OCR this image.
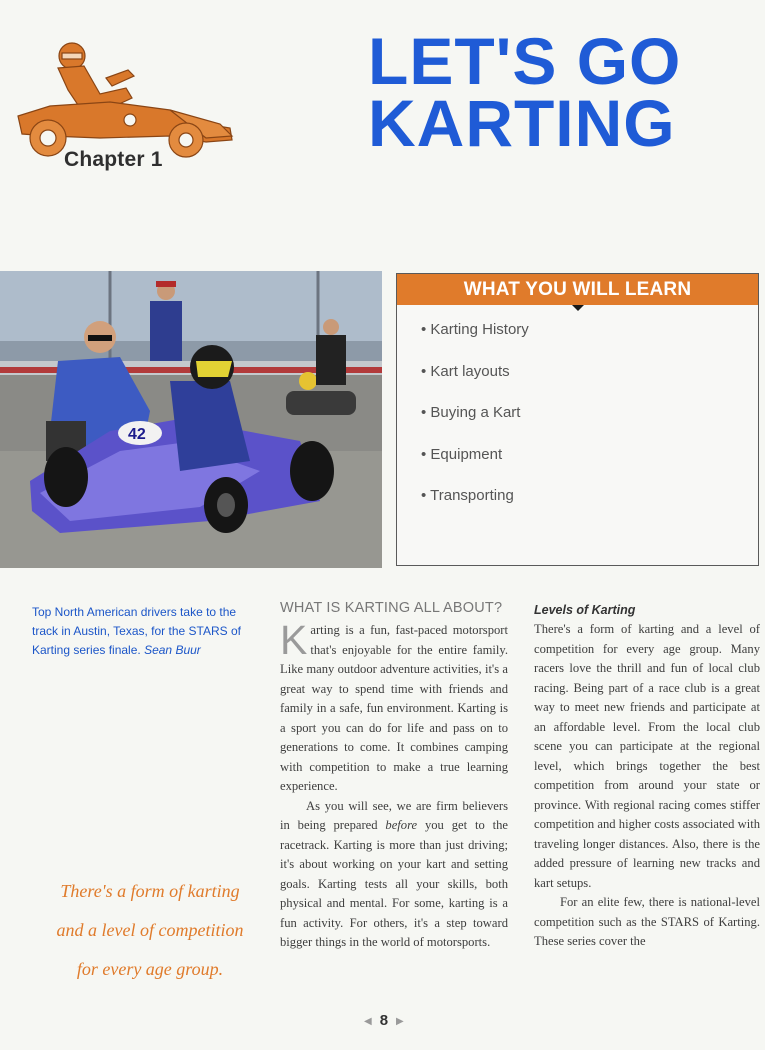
Chapter 1
LET'S GO
KARTING
42
WHAT YOU WILL LEARN
• Karting History
• Kart layouts
• Buying a Kart
• Equipment
• Transporting
Top North American drivers take to the track in Austin, Texas, for the STARS of Karting series finale. Sean Buur
There's a form of karting
and a level of competition
for every age group.
WHAT IS KARTING ALL ABOUT?

Karting is a fun, fast-paced motorsport that's enjoyable for the entire family. Like many outdoor adventure activities, it's a great way to spend time with friends and family in a safe, fun environment. Karting is a sport you can do for life and pass on to generations to come. It combines camping with competition to make a true learning experience.

As you will see, we are firm believers in being prepared before you get to the racetrack. Karting is more than just driving; it's about working on your kart and setting goals. Karting tests all your skills, both physical and mental. For some, karting is a fun activity. For others, it's a step toward bigger things in the world of motorsports.

Levels of Karting

There's a form of karting and a level of competition for every age group. Many racers love the thrill and fun of local club racing. Being part of a race club is a great way to meet new friends and participate at an affordable level. From the local club scene you can participate at the regional level, which brings together the best competition from around your state or province. With regional racing comes stiffer competition and higher costs associated with traveling longer distances. Also, there is the added pressure of learning new tracks and kart setups.

For an elite few, there is national-level competition such as the STARS of Karting. These series cover the

◀ 8 ▶
